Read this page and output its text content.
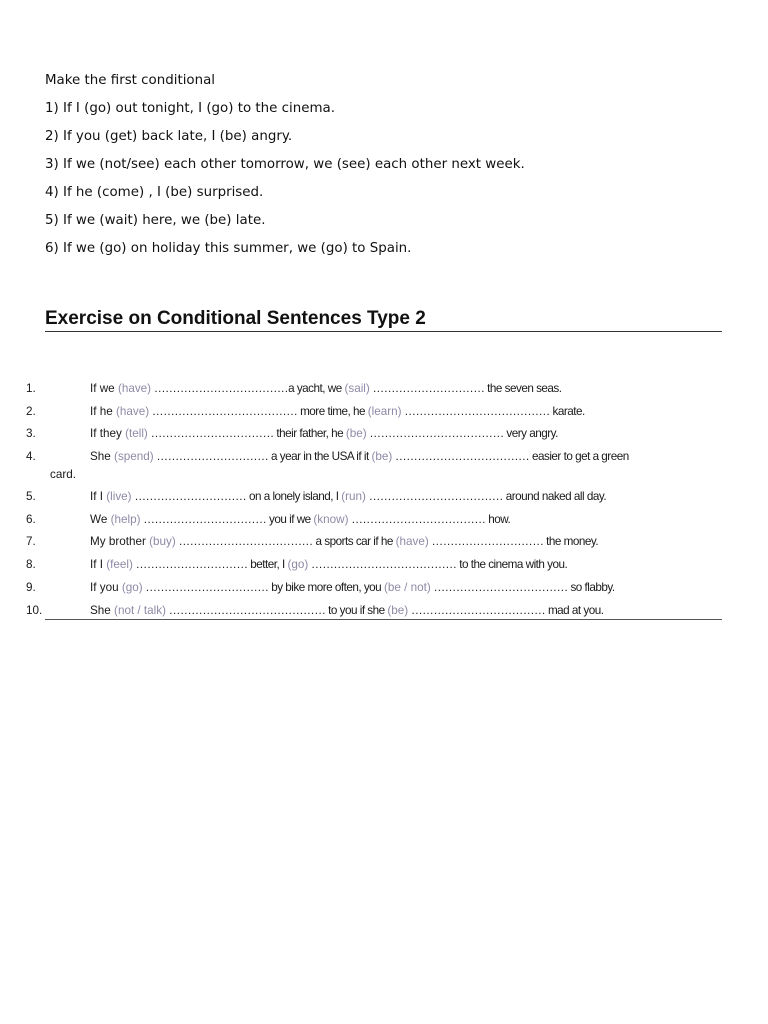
Make the first conditional
1) If I (go) out tonight, I (go) to the cinema.
2) If you (get) back late, I (be) angry.
3) If we (not/see) each other tomorrow, we (see) each other next week.
4) If he (come) , I (be) surprised.
5) If we (wait) here, we (be) late.
6) If we (go) on holiday this summer, we (go) to Spain.
Exercise on Conditional Sentences Type 2
1.	If we (have) ………………………………a yacht, we (sail) ………………………… the seven seas.
2.	If he (have) ………………………………… more time, he (learn) ………………………………… karate.
3.	If they (tell) …………………………… their father, he (be) ……………………………… very angry.
4.	She (spend) ………………………… a year in the USA if it (be) ……………………………… easier to get a green
card.
5.	If I (live) ………………………… on a lonely island, I (run) ……………………………… around naked all day.
6.	We (help) …………………………… you if we (know) ……………………………… how.
7.	My brother (buy) ……………………………… a sports car if he (have) ………………………… the money.
8.	If I (feel) ………………………… better, I (go) ………………………………… to the cinema with you.
9.	If you (go) …………………………… by bike more often, you (be / not) ……………………………… so flabby.
10.	She (not / talk) …………………………………… to you if she (be) ……………………………… mad at you.
